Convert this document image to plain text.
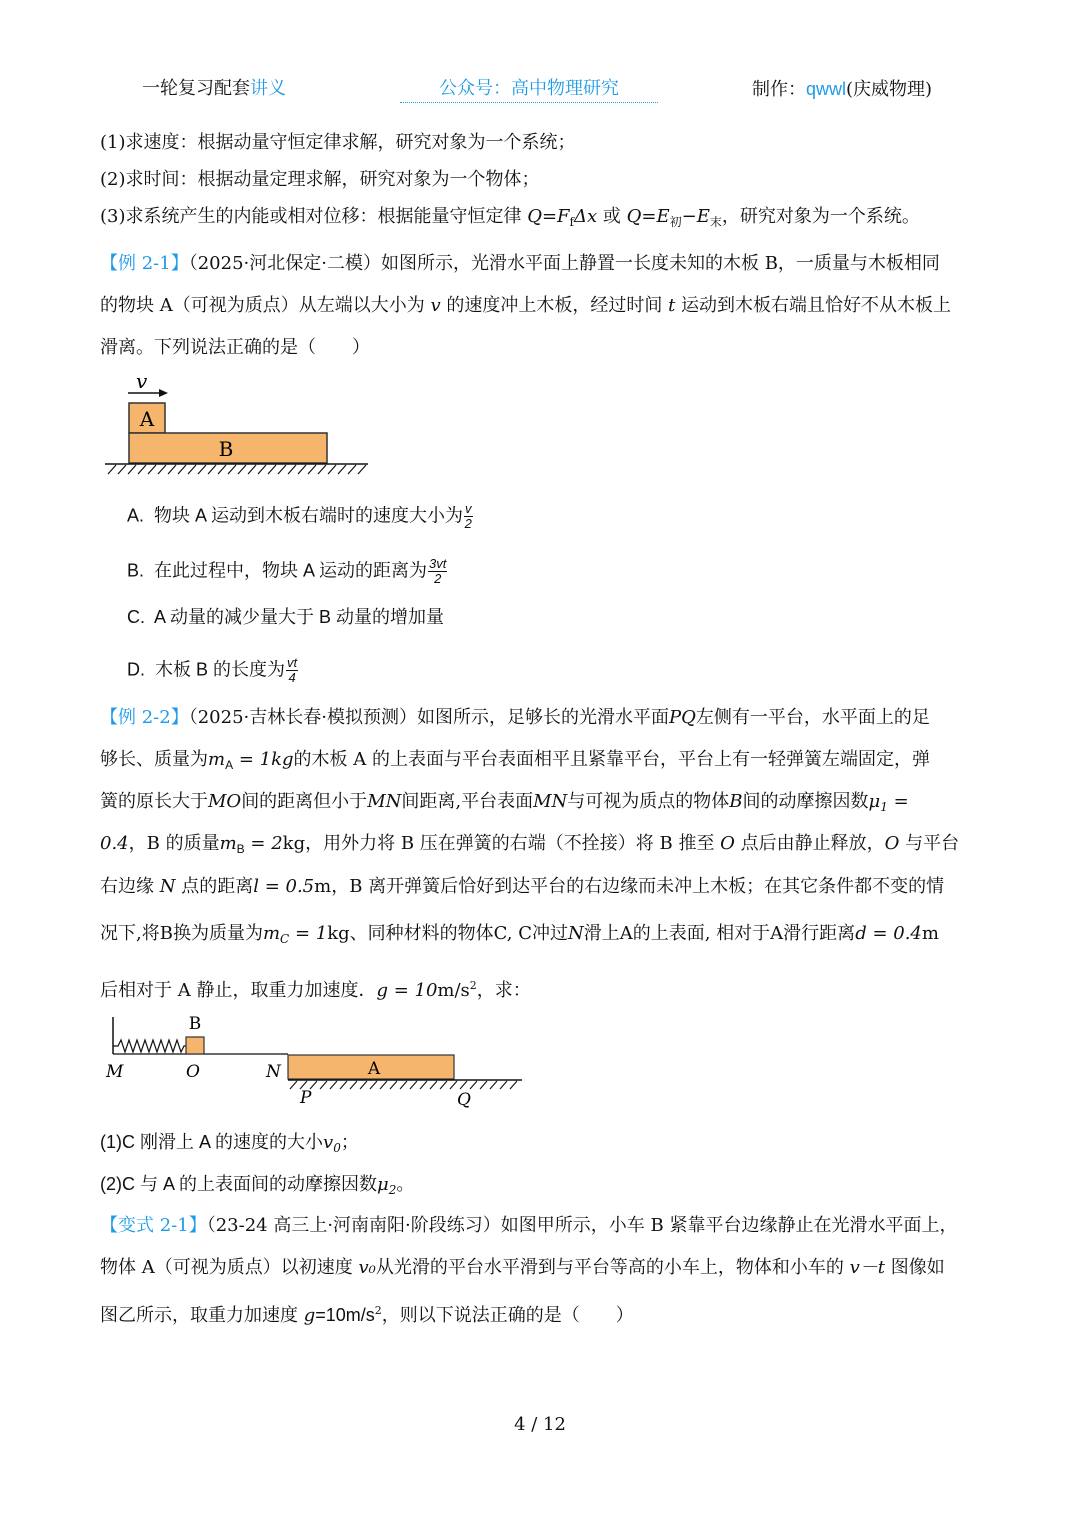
一轮复习配套讲义	公众号：高中物理研究	制作：qwwl(庆威物理)
(1)求速度：根据动量守恒定律求解，研究对象为一个系统；
(2)求时间：根据动量定理求解，研究对象为一个物体；
(3)求系统产生的内能或相对位移：根据能量守恒定律 $Q=F_f\Delta x$ 或 $Q=E_初-E_末$，研究对象为一个系统。
【例 2-1】（2025·河北保定·二模）如图所示，光滑水平面上静置一长度未知的木板 B，一质量与木板相同
的物块 A（可视为质点）从左端以大小为 v 的速度冲上木板，经过时间 t 运动到木板右端且恰好不从木板上
滑离。下列说法正确的是（　　）
v
A
B
A. 物块 A 运动到木板右端时的速度大小为 $\frac{v}{2}$
B. 在此过程中，物块 A 运动的距离为 $\frac{3vt}{2}$
C. A 动量的减少量大于 B 动量的增加量
D. 木板 B 的长度为 $\frac{vt}{4}$
【例 2-2】（2025·吉林长春·模拟预测）如图所示，足够长的光滑水平面PQ左侧有一平台，水平面上的足
够长、质量为$m_A = 1kg$的木板 A 的上表面与平台表面相平且紧靠平台，平台上有一轻弹簧左端固定，弹
簧的原长大于MO间的距离但小于MN间距离,平台表面MN与可视为质点的物体B间的动摩擦因数$\mu_1$ =
0.4，B 的质量$m_B = 2kg$，用外力将 B 压在弹簧的右端（不拴接）将 B 推至 O 点后由静止释放，O 与平台
右边缘 N 点的距离l = 0.5m，B 离开弹簧后恰好到达平台的右边缘而未冲上木板；在其它条件都不变的情
况下,将B换为质量为$m_C = 1kg$、同种材料的物体C, C冲过N滑上A的上表面, 相对于A滑行距离d = 0.4m
后相对于 A 静止，取重力加速度．$g = 10m/s^2$，求：
B
M	O	N	A
P	Q
(1)C 刚滑上 A 的速度的大小$v_0$；
(2)C 与 A 的上表面间的动摩擦因数$\mu_2$。
【变式 2-1】（23-24 高三上·河南南阳·阶段练习）如图甲所示，小车 B 紧靠平台边缘静止在光滑水平面上，
物体 A（可视为质点）以初速度 v₀从光滑的平台水平滑到与平台等高的小车上，物体和小车的 v－t 图像如
图乙所示，取重力加速度 $g=10m/s^2$，则以下说法正确的是（　　）
4 / 12
